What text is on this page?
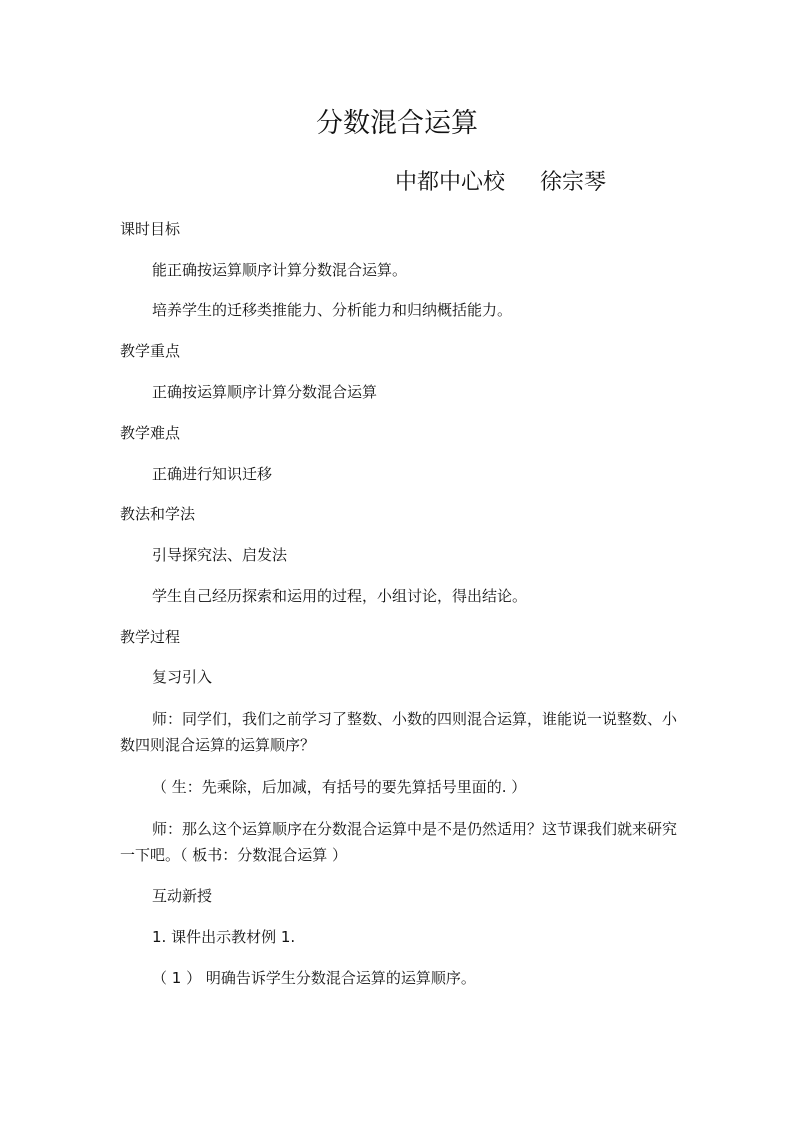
分数混合运算
中都中心校     徐宗琴

课时目标

能正确按运算顺序计算分数混合运算。

培养学生的迁移类推能力、分析能力和归纳概括能力。

教学重点

正确按运算顺序计算分数混合运算

教学难点

正确进行知识迁移

教法和学法

引导探究法、启发法

学生自己经历探索和运用的过程，小组讨论，得出结论。

教学过程

复习引入

师：同学们，我们之前学习了整数、小数的四则混合运算，谁能说一说整数、小数四则混合运算的运算顺序？

（ 生：先乘除，后加减，有括号的要先算括号里面的. ）

师：那么这个运算顺序在分数混合运算中是不是仍然适用？这节课我们就来研究一下吧。（ 板书：分数混合运算 ）

互动新授

1. 课件出示教材例 1.

（ 1 ） 明确告诉学生分数混合运算的运算顺序。
